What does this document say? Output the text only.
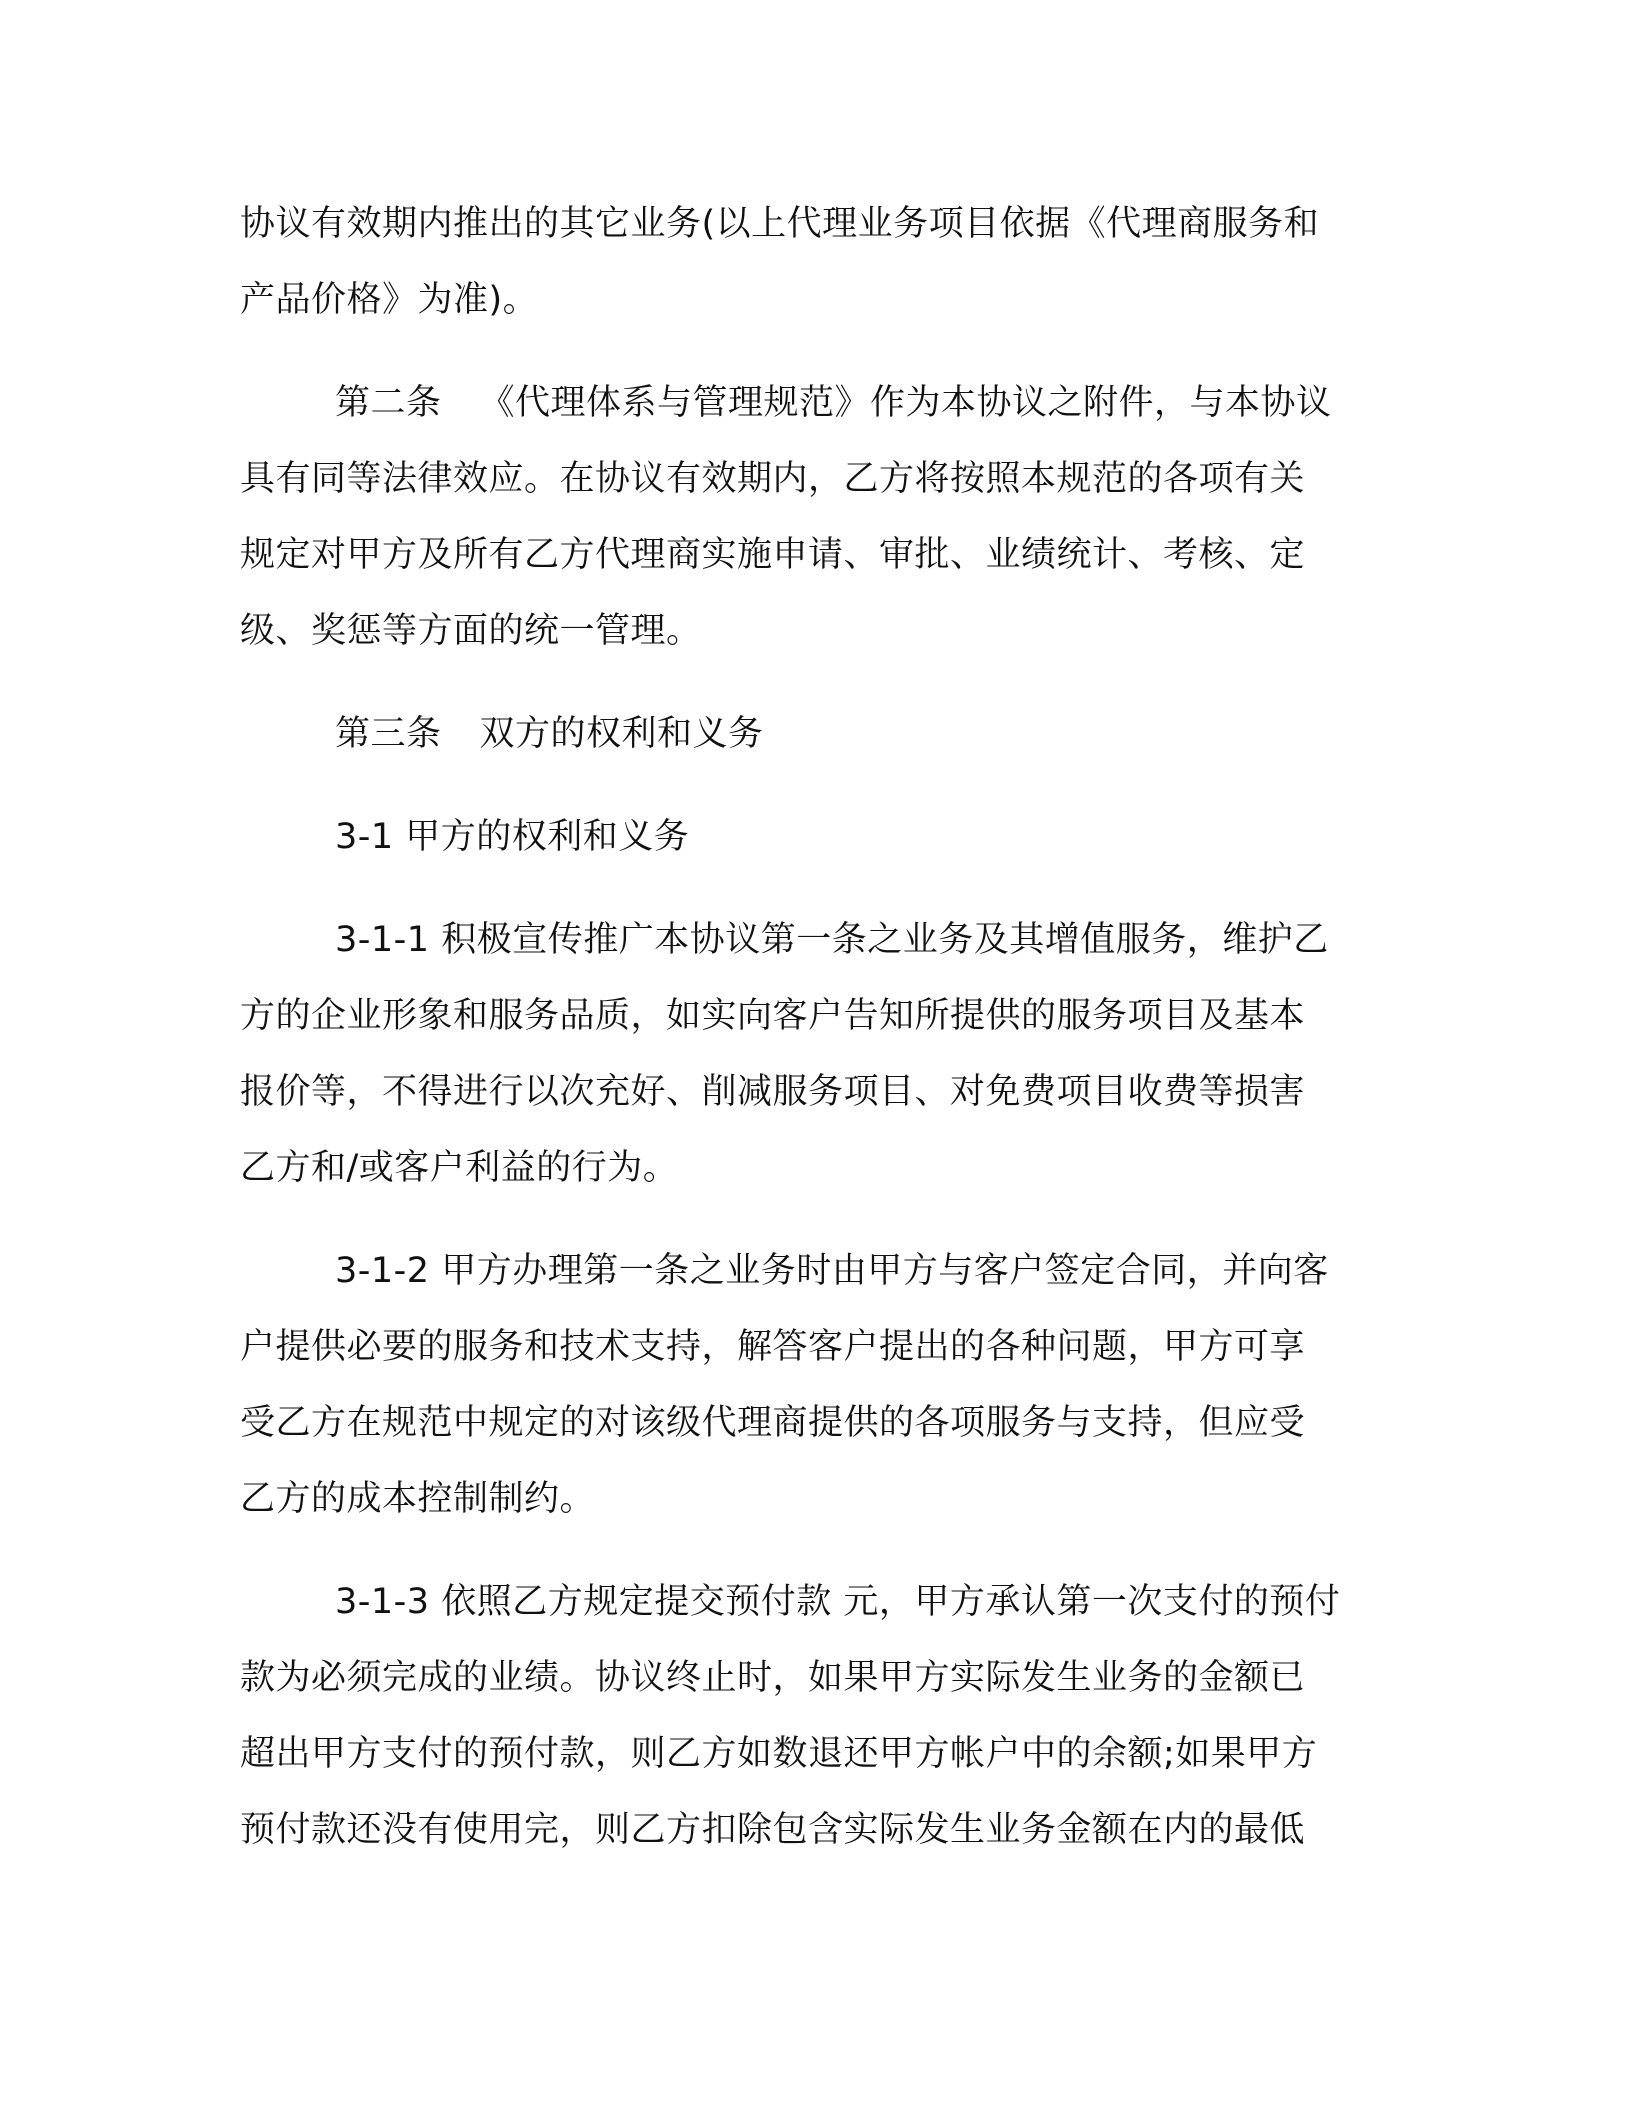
协议有效期内推出的其它业务(以上代理业务项目依据《代理商服务和
产品价格》为准)。

第二条 《代理体系与管理规范》作为本协议之附件，与本协议
具有同等法律效应。在协议有效期内，乙方将按照本规范的各项有关
规定对甲方及所有乙方代理商实施申请、审批、业绩统计、考核、定
级、奖惩等方面的统一管理。

第三条 双方的权利和义务

3-1 甲方的权利和义务

3-1-1 积极宣传推广本协议第一条之业务及其增值服务，维护乙
方的企业形象和服务品质，如实向客户告知所提供的服务项目及基本
报价等，不得进行以次充好、削减服务项目、对免费项目收费等损害
乙方和/或客户利益的行为。

3-1-2 甲方办理第一条之业务时由甲方与客户签定合同，并向客
户提供必要的服务和技术支持，解答客户提出的各种问题，甲方可享
受乙方在规范中规定的对该级代理商提供的各项服务与支持，但应受
乙方的成本控制制约。

3-1-3 依照乙方规定提交预付款 元，甲方承认第一次支付的预付
款为必须完成的业绩。协议终止时，如果甲方实际发生业务的金额已
超出甲方支付的预付款，则乙方如数退还甲方帐户中的余额;如果甲方
预付款还没有使用完，则乙方扣除包含实际发生业务金额在内的最低
